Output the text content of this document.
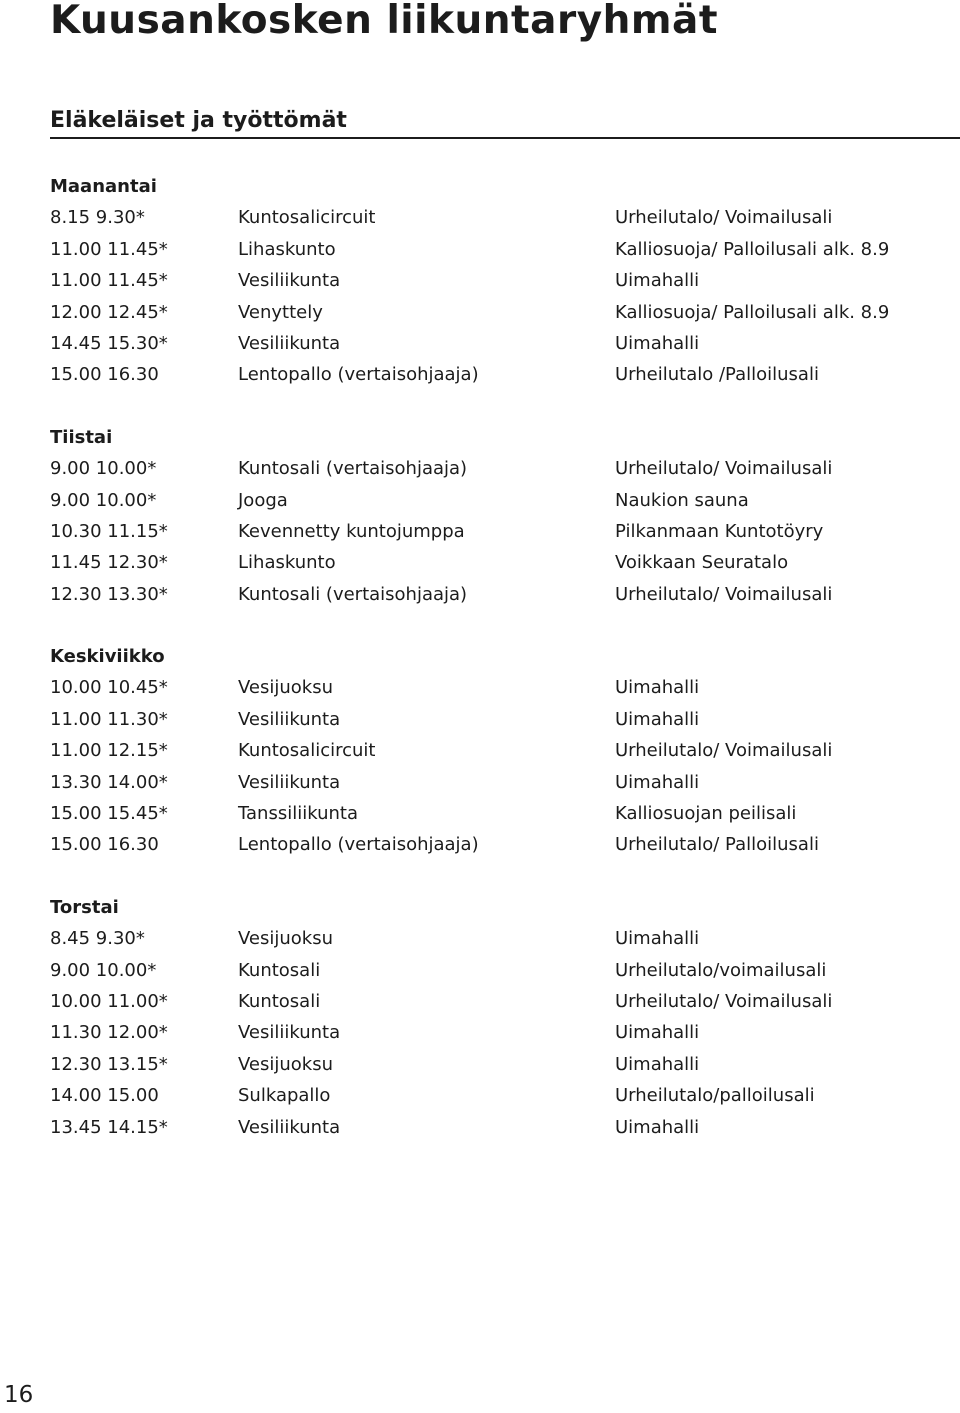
Kuusankosken liikuntaryhmät
Eläkeläiset ja työttömät
Maanantai
8.15 9.30*	Kuntosalicircuit	Urheilutalo/ Voimailusali
11.00 11.45*	Lihaskunto	Kalliosuoja/ Palloilusali alk. 8.9
11.00 11.45*	Vesiliikunta	Uimahalli
12.00 12.45*	Venyttely	Kalliosuoja/ Palloilusali alk. 8.9
14.45 15.30*	Vesiliikunta	Uimahalli
15.00 16.30	Lentopallo (vertaisohjaaja)	Urheilutalo /Palloilusali
Tiistai
9.00 10.00*	Kuntosali (vertaisohjaaja)	Urheilutalo/ Voimailusali
9.00 10.00*	Jooga	Naukion sauna
10.30 11.15*	Kevennetty kuntojumppa	Pilkanmaan Kuntotöyry
11.45 12.30*	Lihaskunto	Voikkaan Seuratalo
12.30 13.30*	Kuntosali (vertaisohjaaja)	Urheilutalo/ Voimailusali
Keskiviikko
10.00 10.45*	Vesijuoksu	Uimahalli
11.00 11.30*	Vesiliikunta	Uimahalli
11.00 12.15*	Kuntosalicircuit	Urheilutalo/ Voimailusali
13.30 14.00*	Vesiliikunta	Uimahalli
15.00 15.45*	Tanssiliikunta	Kalliosuojan peilisali
15.00 16.30	Lentopallo (vertaisohjaaja)	Urheilutalo/ Palloilusali
Torstai
8.45 9.30*	Vesijuoksu	Uimahalli
9.00 10.00*	Kuntosali	Urheilutalo/voimailusali
10.00 11.00*	Kuntosali	Urheilutalo/ Voimailusali
11.30 12.00*	Vesiliikunta	Uimahalli
12.30 13.15*	Vesijuoksu	Uimahalli
14.00 15.00	Sulkapallo	Urheilutalo/palloilusali
13.45 14.15*	Vesiliikunta	Uimahalli
16
